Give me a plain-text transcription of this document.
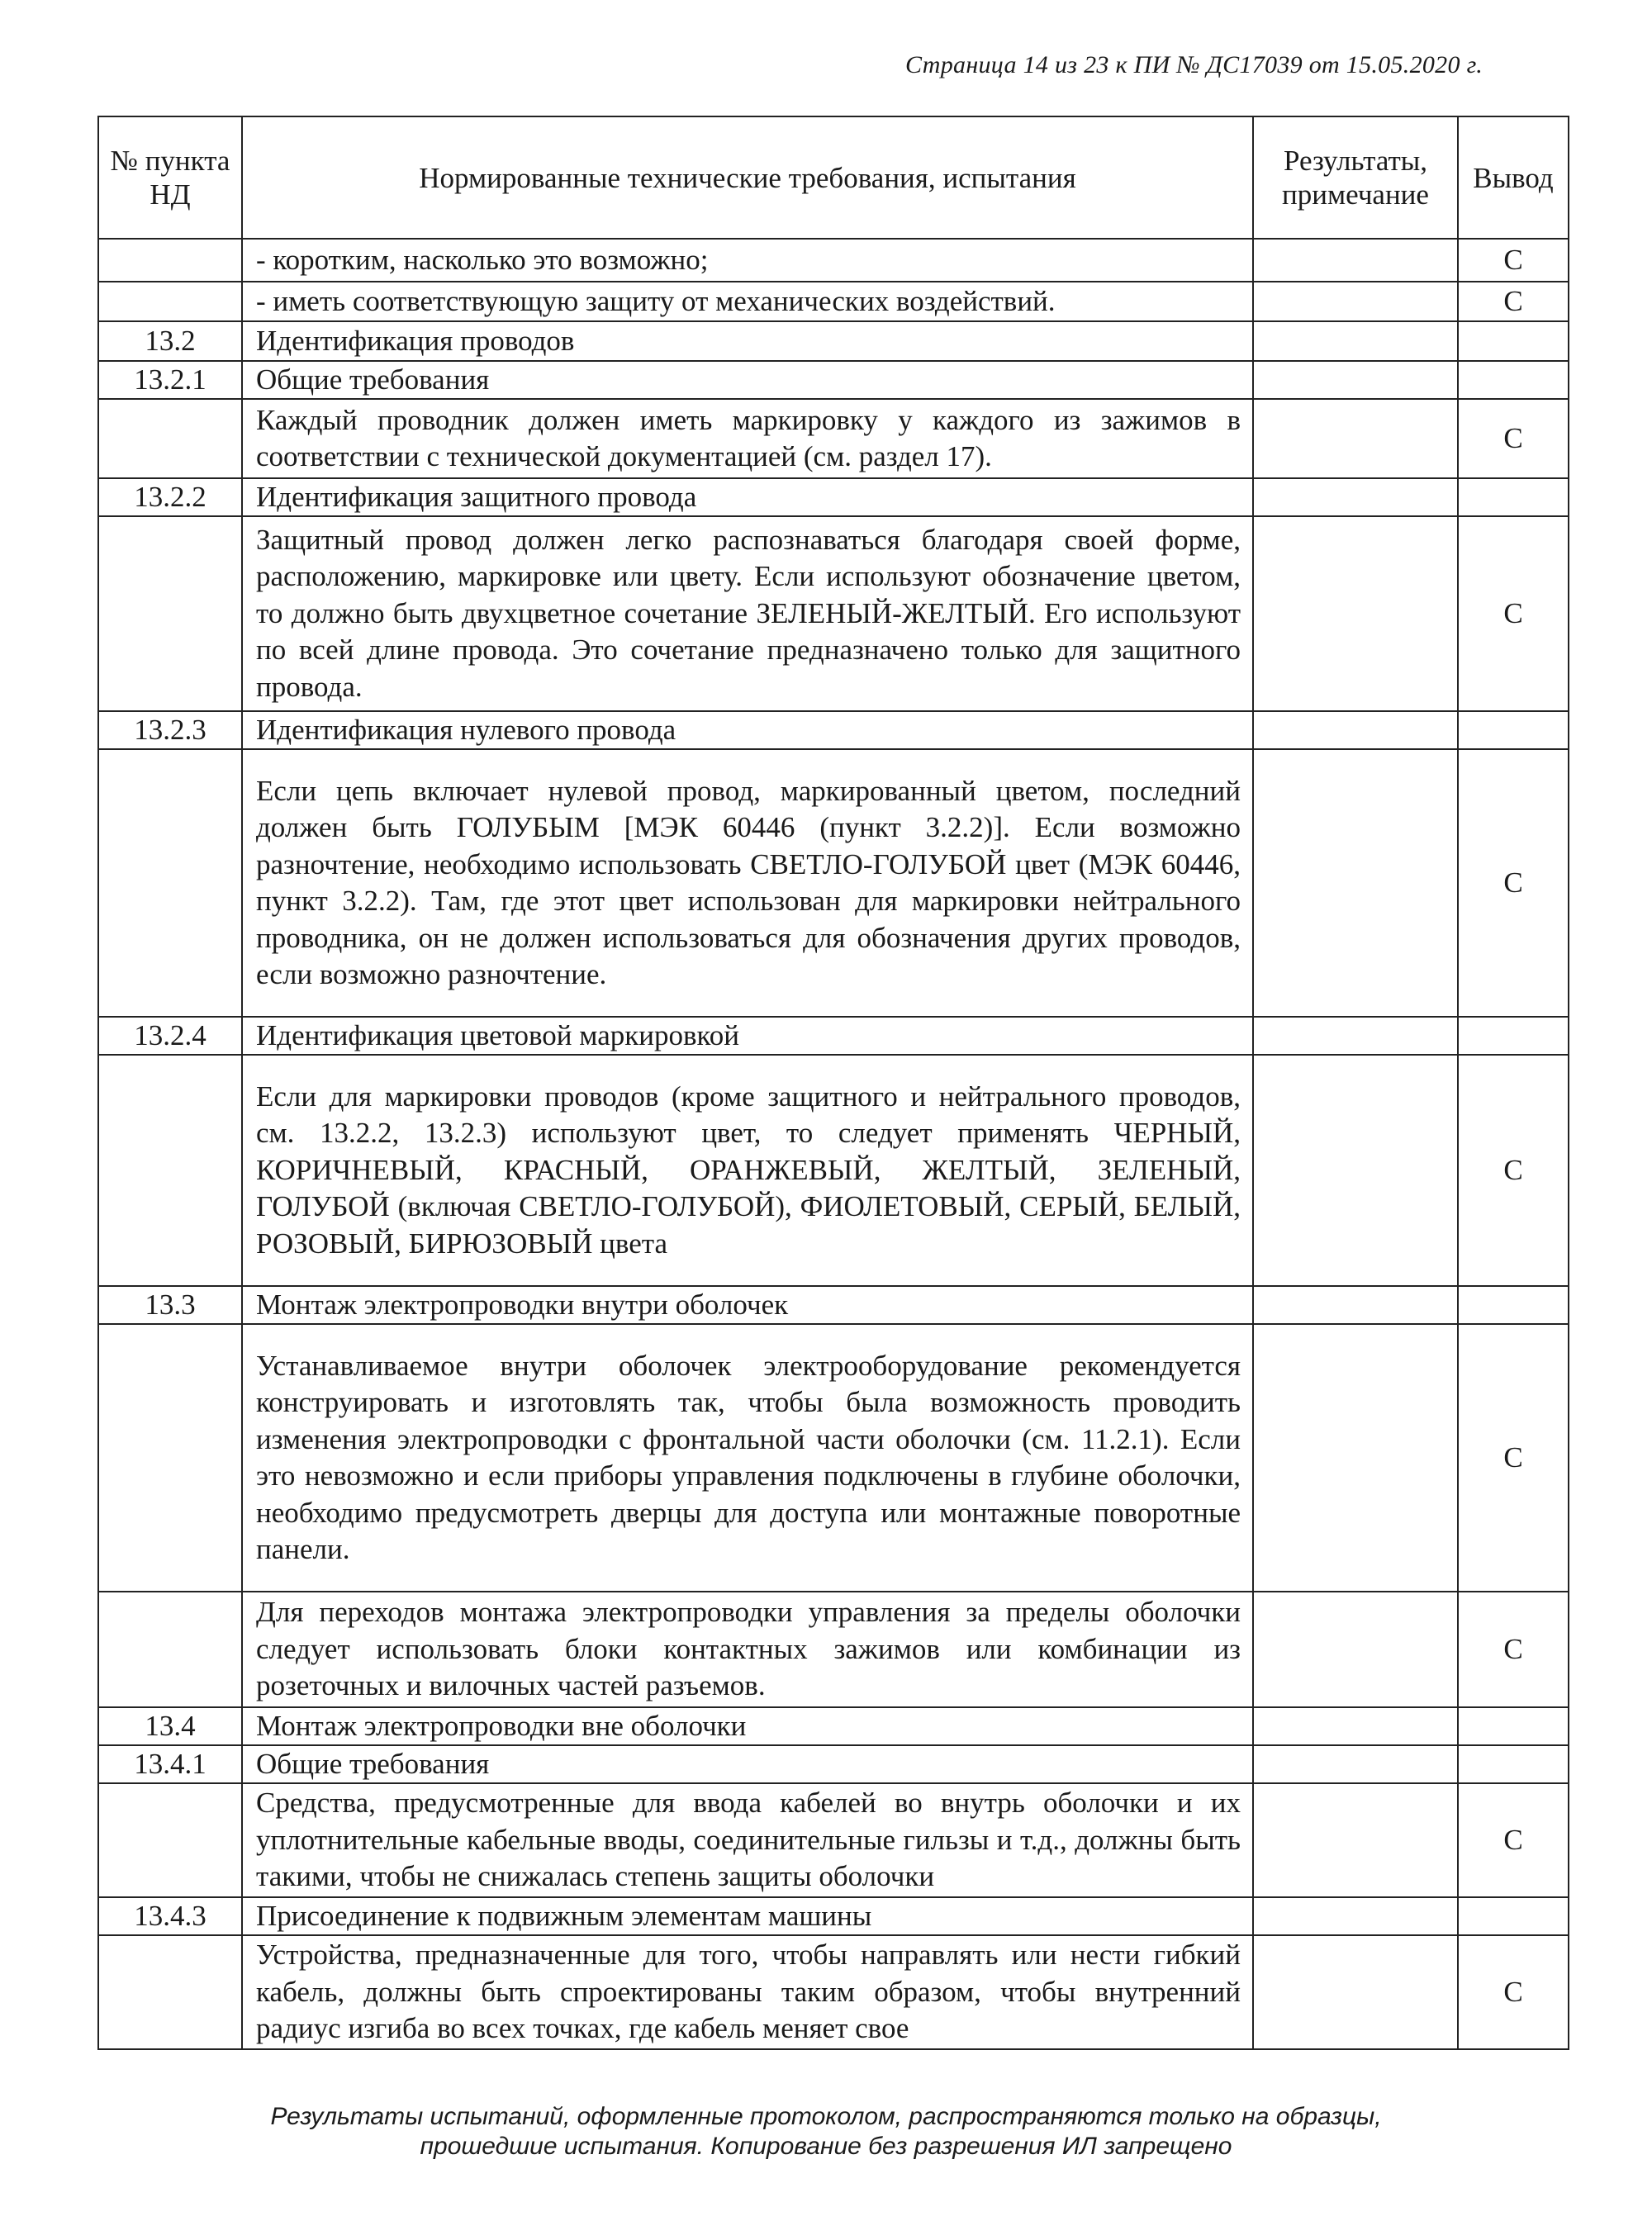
Страница 14 из 23 к ПИ № ДС17039 от 15.05.2020 г.
№ пункта НД	Нормированные технические требования, испытания	Результаты, примечание	Вывод
	- коротким, насколько это возможно;		С
	- иметь соответствующую защиту от механических воздействий.		С
13.2	Идентификация проводов		
13.2.1	Общие требования		
	Каждый проводник должен иметь маркировку у каждого из зажимов в соответствии с технической документацией (см. раздел 17).		С
13.2.2	Идентификация защитного провода		
	Защитный провод должен легко распознаваться благодаря своей форме, расположению, маркировке или цвету. Если используют обозначение цветом, то должно быть двухцветное сочетание ЗЕЛЕНЫЙ-ЖЕЛТЫЙ. Его используют по всей длине провода. Это сочетание предназначено только для защитного провода.		С
13.2.3	Идентификация нулевого провода		
	Если цепь включает нулевой провод, маркированный цветом, последний должен быть ГОЛУБЫМ [МЭК 60446 (пункт 3.2.2)]. Если возможно разночтение, необходимо использовать СВЕТЛО-ГОЛУБОЙ цвет (МЭК 60446, пункт 3.2.2). Там, где этот цвет использован для маркировки нейтрального проводника, он не должен использоваться для обозначения других проводов, если возможно разночтение.		С
13.2.4	Идентификация цветовой маркировкой		
	Если для маркировки проводов (кроме защитного и нейтрального проводов, см. 13.2.2, 13.2.3) используют цвет, то следует применять ЧЕРНЫЙ, КОРИЧНЕВЫЙ, КРАСНЫЙ, ОРАНЖЕВЫЙ, ЖЕЛТЫЙ, ЗЕЛЕНЫЙ, ГОЛУБОЙ (включая СВЕТЛО-ГОЛУБОЙ), ФИОЛЕТОВЫЙ, СЕРЫЙ, БЕЛЫЙ, РОЗОВЫЙ, БИРЮЗОВЫЙ цвета		С
13.3	Монтаж электропроводки внутри оболочек		
	Устанавливаемое внутри оболочек электрооборудование рекомендуется конструировать и изготовлять так, чтобы была возможность проводить изменения электропроводки с фронтальной части оболочки (см. 11.2.1). Если это невозможно и если приборы управления подключены в глубине оболочки, необходимо предусмотреть дверцы для доступа или монтажные поворотные панели.		С
	Для переходов монтажа электропроводки управления за пределы оболочки следует использовать блоки контактных зажимов или комбинации из розеточных и вилочных частей разъемов.		С
13.4	Монтаж электропроводки вне оболочки		
13.4.1	Общие требования		
	Средства, предусмотренные для ввода кабелей во внутрь оболочки и их уплотнительные кабельные вводы, соединительные гильзы и т.д., должны быть такими, чтобы не снижалась степень защиты оболочки		С
13.4.3	Присоединение к подвижным элементам машины		
	Устройства, предназначенные для того, чтобы направлять или нести гибкий кабель, должны быть спроектированы таким образом, чтобы внутренний радиус изгиба во всех точках, где кабель меняет свое		С
Результаты испытаний, оформленные протоколом, распространяются только на образцы,
прошедшие испытания. Копирование без разрешения ИЛ запрещено
